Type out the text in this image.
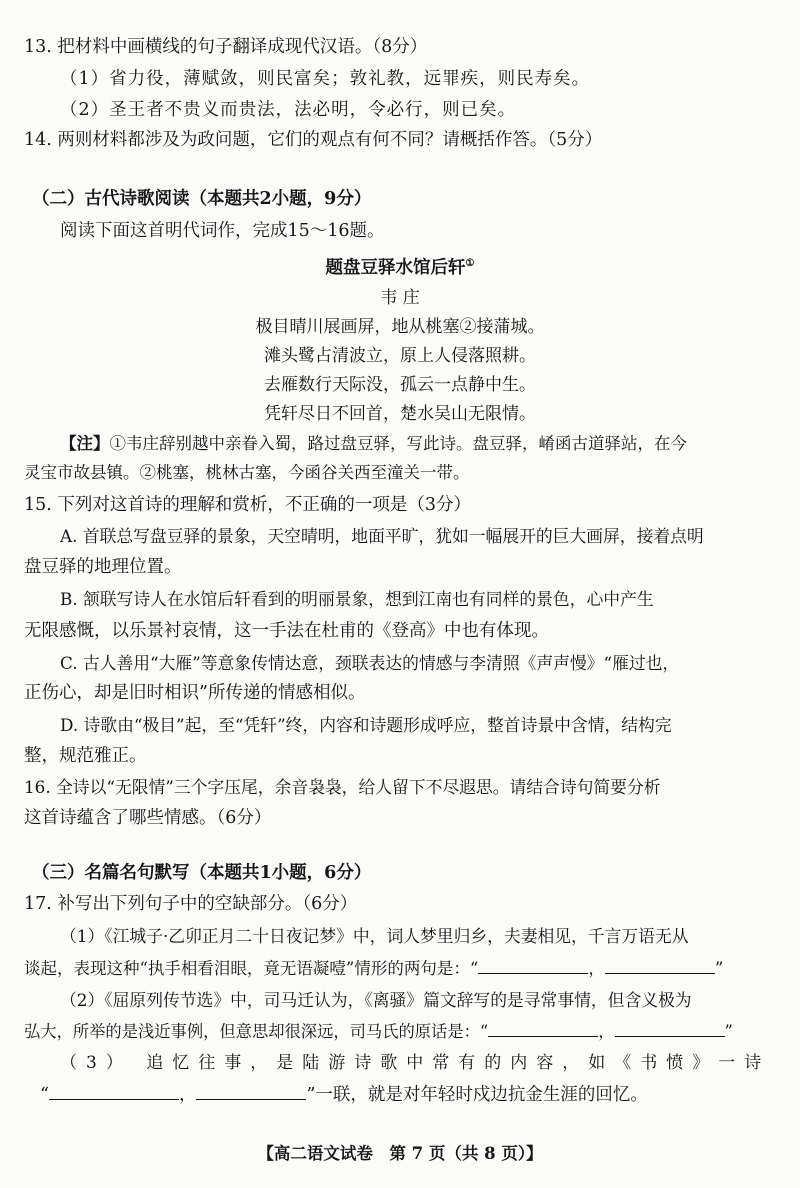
13. 把材料中画横线的句子翻译成现代汉语。（8分）
（1）省力役，薄赋敛，则民富矣；敦礼教，远罪疾，则民寿矣。
（2）圣王者不贵义而贵法，法必明，令必行，则已矣。
14. 两则材料都涉及为政问题，它们的观点有何不同？请概括作答。（5分）
（二）古代诗歌阅读（本题共2小题，9分）
阅读下面这首明代词作，完成15～16题。
题盘豆驿水馆后轩①
韦 庄
极目晴川展画屏，地从桃塞②接蒲城。
滩头鹭占清波立，原上人侵落照耕。
去雁数行天际没，孤云一点静中生。
凭轩尽日不回首，楚水吴山无限情。
【注】①韦庄辞别越中亲眷入蜀，路过盘豆驿，写此诗。盘豆驿，崤函古道驿站，在今
灵宝市故县镇。②桃塞，桃林古塞，今函谷关西至潼关一带。
15. 下列对这首诗的理解和赏析，不正确的一项是（3分）
A. 首联总写盘豆驿的景象，天空晴明，地面平旷，犹如一幅展开的巨大画屏，接着点明
盘豆驿的地理位置。
B. 颔联写诗人在水馆后轩看到的明丽景象，想到江南也有同样的景色，心中产生
无限感慨，以乐景衬哀情，这一手法在杜甫的《登高》中也有体现。
C. 古人善用“大雁”等意象传情达意，颈联表达的情感与李清照《声声慢》“雁过也，
正伤心，却是旧时相识”所传递的情感相似。
D. 诗歌由“极目”起，至“凭轩”终，内容和诗题形成呼应，整首诗景中含情，结构完
整，规范雅正。
16. 全诗以“无限情”三个字压尾，余音袅袅，给人留下不尽遐思。请结合诗句简要分析
这首诗蕴含了哪些情感。（6分）
（三）名篇名句默写（本题共1小题，6分）
17. 补写出下列句子中的空缺部分。（6分）
（1）《江城子·乙卯正月二十日夜记梦》中，词人梦里归乡，夫妻相见，千言万语无从
谈起，表现这种“执手相看泪眼，竟无语凝噎”情形的两句是：“	，	”
（2）《屈原列传节选》中，司马迁认为，《离骚》篇文辞写的是寻常事情，但含义极为
弘大，所举的是浅近事例，但意思却很深远，司马氏的原话是：“	，	”
（3） 追忆往事，是陆游诗歌中常有的内容，如《书愤》一诗
“	，	”一联，就是对年轻时戍边抗金生涯的回忆。
【高二语文试卷　第 7 页（共 8 页）】
